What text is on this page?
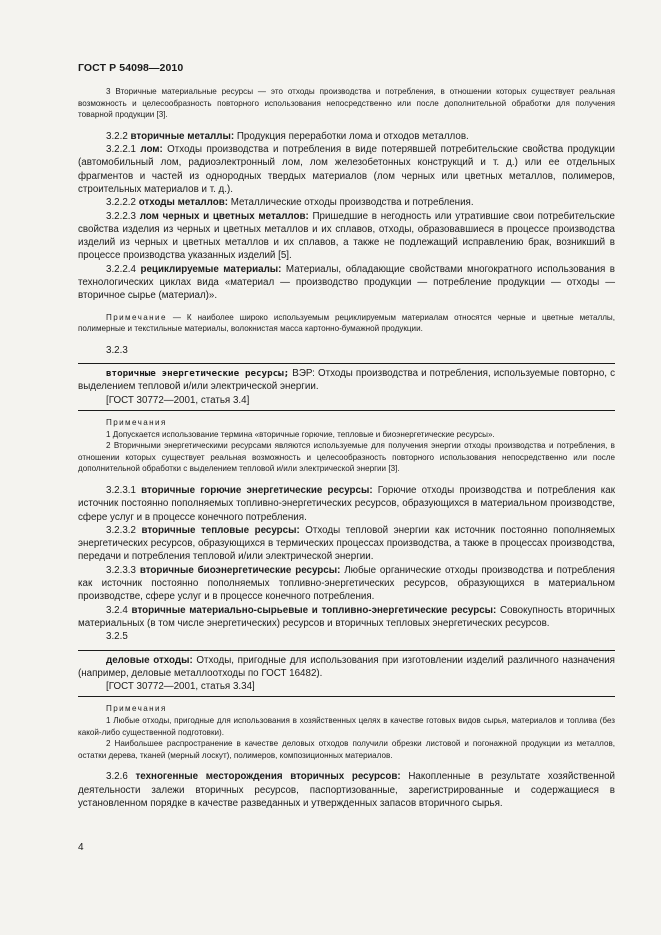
ГОСТ Р 54098—2010

3 Вторичные материальные ресурсы — это отходы производства и потребления, в отношении которых существует реальная возможность и целесообразность повторного использования непосредственно или после дополнительной обработки для получения товарной продукции [3].

3.2.2 вторичные металлы: Продукция переработки лома и отходов металлов.

3.2.2.1 лом: Отходы производства и потребления в виде потерявшей потребительские свойства продукции (автомобильный лом, радиоэлектронный лом, лом железобетонных конструкций и т. д.) или ее отдельных фрагментов и частей из однородных твердых материалов (лом черных или цветных металлов, полимеров, строительных материалов и т. д.).

3.2.2.2 отходы металлов: Металлические отходы производства и потребления.

3.2.2.3 лом черных и цветных металлов: Пришедшие в негодность или утратившие свои потребительские свойства изделия из черных и цветных металлов и их сплавов, отходы, образовавшиеся в процессе производства изделий из черных и цветных металлов и их сплавов, а также не подлежащий исправлению брак, возникший в процессе производства указанных изделий [5].

3.2.2.4 рециклируемые материалы: Материалы, обладающие свойствами многократного использования в технологических циклах вида «материал — производство продукции — потребление продукции — отходы — вторичное сырье (материал)».

Примечание — К наиболее широко используемым рециклируемым материалам относятся черные и цветные металлы, полимерные и текстильные материалы, волокнистая масса картонно-бумажной продукции.

3.2.3

вторичные энергетические ресурсы; ВЭР: Отходы производства и потребления, используемые повторно, с выделением тепловой и/или электрической энергии.

[ГОСТ 30772—2001, статья 3.4]

Примечания

1 Допускается использование термина «вторичные горючие, тепловые и биоэнергетические ресурсы».

2 Вторичными энергетическими ресурсами являются используемые для получения энергии отходы производства и потребления, в отношении которых существует реальная возможность и целесообразность повторного использования непосредственно или после дополнительной обработки с выделением тепловой и/или электрической энергии [3].

3.2.3.1 вторичные горючие энергетические ресурсы: Горючие отходы производства и потребления как источник постоянно пополняемых топливно-энергетических ресурсов, образующихся в материальном производстве, сфере услуг и в процессе конечного потребления.

3.2.3.2 вторичные тепловые ресурсы: Отходы тепловой энергии как источник постоянно пополняемых энергетических ресурсов, образующихся в термических процессах производства, а также в процессах производства, передачи и потребления тепловой и/или электрической энергии.

3.2.3.3 вторичные биоэнергетические ресурсы: Любые органические отходы производства и потребления как источник постоянно пополняемых топливно-энергетических ресурсов, образующихся в материальном производстве, сфере услуг и в процессе конечного потребления.

3.2.4 вторичные материально-сырьевые и топливно-энергетические ресурсы: Совокупность вторичных материальных (в том числе энергетических) ресурсов и вторичных тепловых энергетических ресурсов.

3.2.5

деловые отходы: Отходы, пригодные для использования при изготовлении изделий различного назначения (например, деловые металлоотходы по ГОСТ 16482).

[ГОСТ 30772—2001, статья 3.34]

Примечания

1 Любые отходы, пригодные для использования в хозяйственных целях в качестве готовых видов сырья, материалов и топлива (без какой-либо существенной подготовки).

2 Наибольшее распространение в качестве деловых отходов получили обрезки листовой и погонажной продукции из металлов, остатки дерева, тканей (мерный лоскут), полимеров, композиционных материалов.

3.2.6 техногенные месторождения вторичных ресурсов: Накопленные в результате хозяйственной деятельности залежи вторичных ресурсов, паспортизованные, зарегистрированные и содержащиеся в установленном порядке в качестве разведанных и утвержденных запасов вторичного сырья.

4
